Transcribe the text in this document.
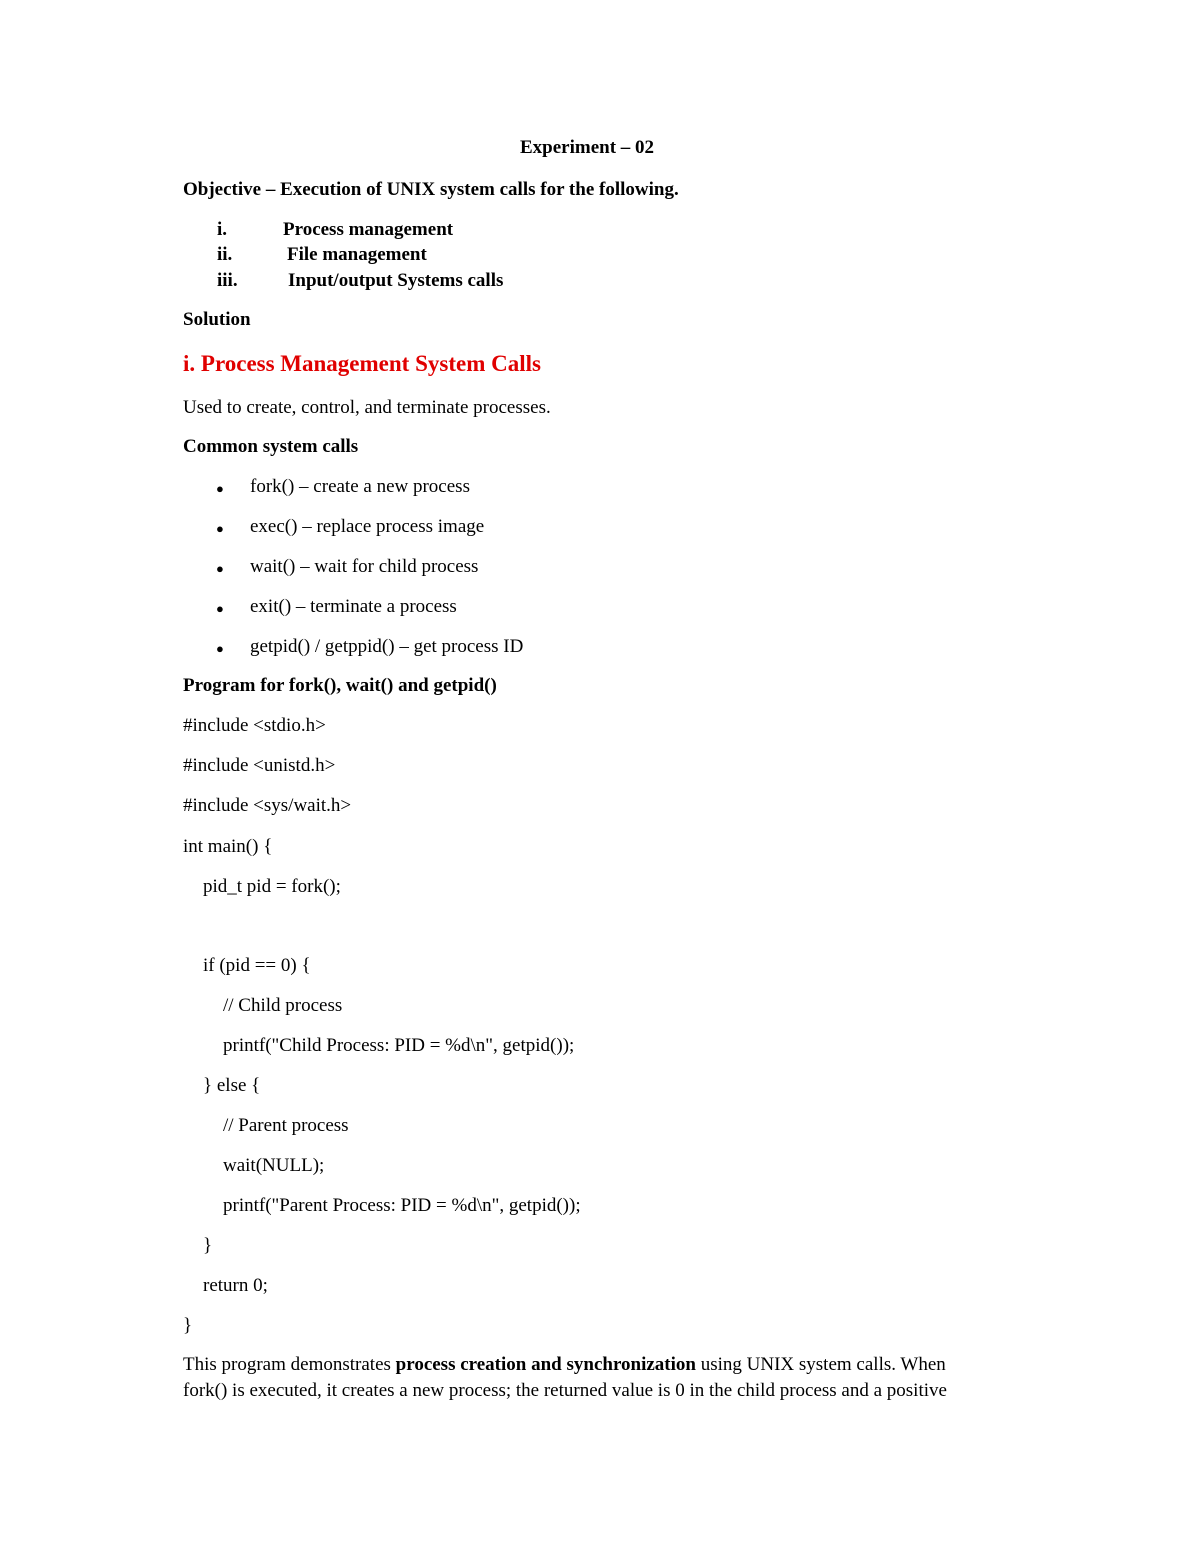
Experiment – 02

Objective – Execution of UNIX system calls for the following.

i.	Process management

ii.	File management

iii.	Input/output Systems calls

Solution

i. Process Management System Calls

Used to create, control, and terminate processes.

Common system calls

● fork() – create a new process

● exec() – replace process image

● wait() – wait for child process

● exit() – terminate a process

● getpid() / getppid() – get process ID

Program for fork(), wait() and getpid()

#include <stdio.h>

#include <unistd.h>

#include <sys/wait.h>

int main() {

pid_t pid = fork();

if (pid == 0) {

// Child process

printf("Child Process: PID = %d\n", getpid());

} else {

// Parent process

wait(NULL);

printf("Parent Process: PID = %d\n", getpid());

}

return 0;

}

This program demonstrates process creation and synchronization using UNIX system calls. When

fork() is executed, it creates a new process; the returned value is 0 in the child process and a positive
